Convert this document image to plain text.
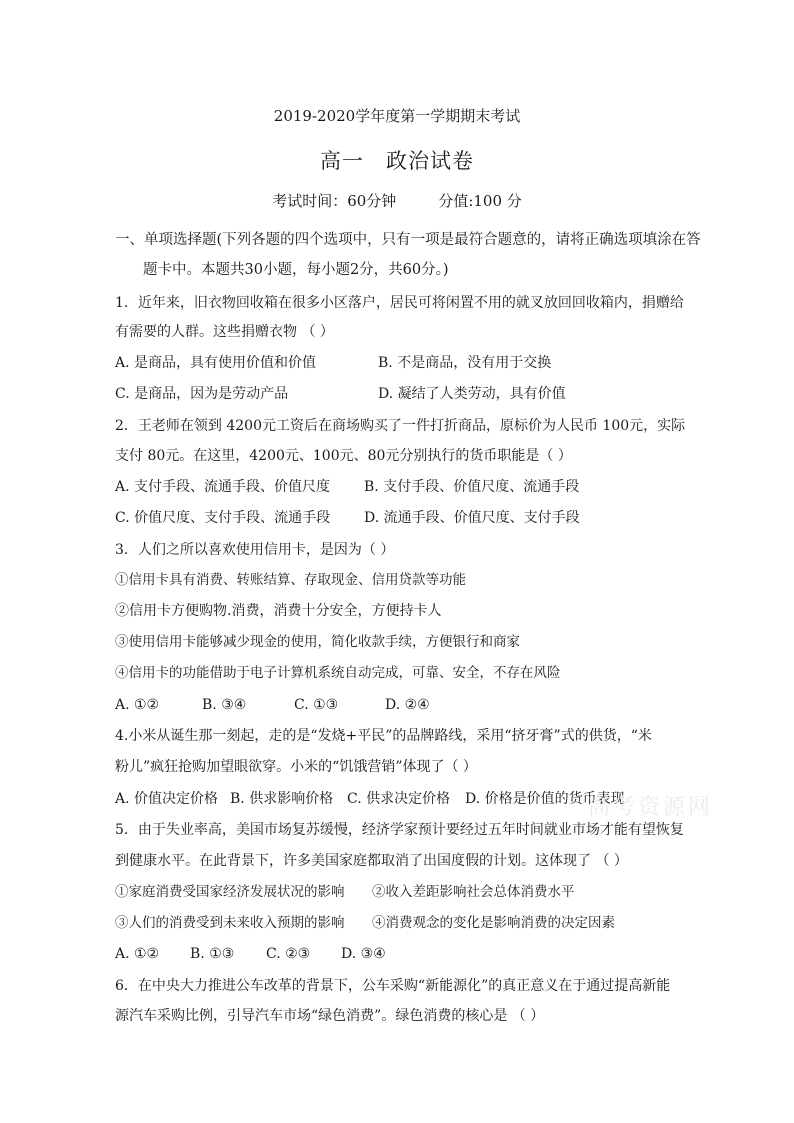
2019-2020学年度第一学期期末考试
高一 政治试卷
考试时间：60分钟	分值:100 分
一、单项选择题(下列各题的四个选项中，只有一项是最符合题意的，请将正确选项填涂在答
题卡中。本题共30小题，每小题2分，共60分。)
1．近年来，旧衣物回收箱在很多小区落户，居民可将闲置不用的就叉放回回收箱内，捐赠给
有需要的人群。这些捐赠衣物 （ ）
A. 是商品，具有使用价值和价值	B. 不是商品，没有用于交换
C. 是商品，因为是劳动产品	D. 凝结了人类劳动，具有价值
2．王老师在领到 4200元工资后在商场购买了一件打折商品，原标价为人民币 100元，实际
支付 80元。在这里，4200元、100元、80元分别执行的货币职能是（ ）
A. 支付手段、流通手段、价值尺度 B. 支付手段、价值尺度、流通手段
C. 价值尺度、支付手段、流通手段 D. 流通手段、价值尺度、支付手段
3．人们之所以喜欢使用信用卡，是因为（ ）
①信用卡具有消费、转账结算、存取现金、信用贷款等功能
②信用卡方便购物.消费，消费十分安全，方便持卡人
③使用信用卡能够减少现金的使用，简化收款手续，方便银行和商家
④信用卡的功能借助于电子计算机系统自动完成，可靠、安全，不存在风险
A. ①②	B. ③④	C. ①③	D. ②④
4.小米从诞生那一刻起，走的是“发烧+平民”的品牌路线，采用“挤牙膏”式的供货，“米
粉儿”疯狂抢购加望眼欲穿。小米的“饥饿营销”体现了（ ）
A. 价值决定价格 B. 供求影响价格 C. 供求决定价格 D. 价格是价值的货币表现
5．由于失业率高，美国市场复苏缓慢，经济学家预计要经过五年时间就业市场才能有望恢复
到健康水平。在此背景下，许多美国家庭都取消了出国度假的计划。这体现了 （ ）
①家庭消费受国家经济发展状况的影响 ②收入差距影响社会总体消费水平
③人们的消费受到未来收入预期的影响 ④消费观念的变化是影响消费的决定因素
A. ①② B. ①③ C. ②③ D. ③④
6．在中央大力推进公车改革的背景下，公车采购“新能源化”的真正意义在于通过提高新能
源汽车采购比例，引导汽车市场“绿色消费”。绿色消费的核心是 （ ）
高考资源网
